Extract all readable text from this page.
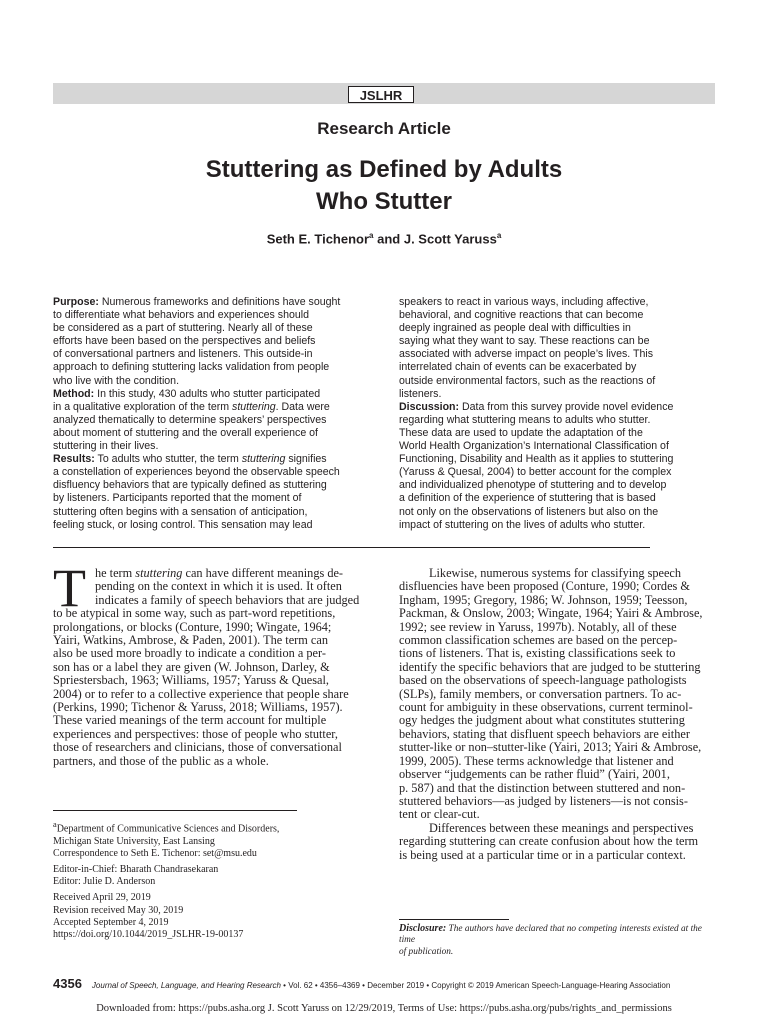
JSLHR
Research Article
Stuttering as Defined by Adults
Who Stutter
Seth E. Tichenor$^a$ and J. Scott Yaruss$^a$
Purpose: Numerous frameworks and definitions have sought
to differentiate what behaviors and experiences should
be considered as a part of stuttering. Nearly all of these
efforts have been based on the perspectives and beliefs
of conversational partners and listeners. This outside-in
approach to defining stuttering lacks validation from people
who live with the condition.
Method: In this study, 430 adults who stutter participated
in a qualitative exploration of the term stuttering. Data were
analyzed thematically to determine speakers’ perspectives
about moment of stuttering and the overall experience of
stuttering in their lives.
Results: To adults who stutter, the term stuttering signifies
a constellation of experiences beyond the observable speech
disfluency behaviors that are typically defined as stuttering
by listeners. Participants reported that the moment of
stuttering often begins with a sensation of anticipation,
feeling stuck, or losing control. This sensation may lead
speakers to react in various ways, including affective,
behavioral, and cognitive reactions that can become
deeply ingrained as people deal with difficulties in
saying what they want to say. These reactions can be
associated with adverse impact on people’s lives. This
interrelated chain of events can be exacerbated by
outside environmental factors, such as the reactions of
listeners.
Discussion: Data from this survey provide novel evidence
regarding what stuttering means to adults who stutter.
These data are used to update the adaptation of the
World Health Organization’s International Classification of
Functioning, Disability and Health as it applies to stuttering
(Yaruss & Quesal, 2004) to better account for the complex
and individualized phenotype of stuttering and to develop
a definition of the experience of stuttering that is based
not only on the observations of listeners but also on the
impact of stuttering on the lives of adults who stutter.
T he term stuttering can have different meanings de-
pending on the context in which it is used. It often
indicates a family of speech behaviors that are judged
to be atypical in some way, such as part-word repetitions,
prolongations, or blocks (Conture, 1990; Wingate, 1964;
Yairi, Watkins, Ambrose, & Paden, 2001). The term can
also be used more broadly to indicate a condition a per-
son has or a label they are given (W. Johnson, Darley, &
Spriestersbach, 1963; Williams, 1957; Yaruss & Quesal,
2004) or to refer to a collective experience that people share
(Perkins, 1990; Tichenor & Yaruss, 2018; Williams, 1957).
These varied meanings of the term account for multiple
experiences and perspectives: those of people who stutter,
those of researchers and clinicians, those of conversational
partners, and those of the public as a whole.
Likewise, numerous systems for classifying speech
disfluencies have been proposed (Conture, 1990; Cordes &
Ingham, 1995; Gregory, 1986; W. Johnson, 1959; Teesson,
Packman, & Onslow, 2003; Wingate, 1964; Yairi & Ambrose,
1992; see review in Yaruss, 1997b). Notably, all of these
common classification schemes are based on the percep-
tions of listeners. That is, existing classifications seek to
identify the specific behaviors that are judged to be stuttering
based on the observations of speech-language pathologists
(SLPs), family members, or conversation partners. To ac-
count for ambiguity in these observations, current terminol-
ogy hedges the judgment about what constitutes stuttering
behaviors, stating that disfluent speech behaviors are either
stutter-like or non–stutter-like (Yairi, 2013; Yairi & Ambrose,
1999, 2005). These terms acknowledge that listener and
observer “judgements can be rather fluid” (Yairi, 2001,
p. 587) and that the distinction between stuttered and non-
stuttered behaviors—as judged by listeners—is not consis-
tent or clear-cut.
Differences between these meanings and perspectives
regarding stuttering can create confusion about how the term
is being used at a particular time or in a particular context.
$^a$Department of Communicative Sciences and Disorders,
Michigan State University, East Lansing
Correspondence to Seth E. Tichenor: set@msu.edu
Editor-in-Chief: Bharath Chandrasekaran
Editor: Julie D. Anderson
Received April 29, 2019
Revision received May 30, 2019
Accepted September 4, 2019
https://doi.org/10.1044/2019_JSLHR-19-00137
Disclosure: The authors have declared that no competing interests existed at the time
of publication.
4356 Journal of Speech, Language, and Hearing Research • Vol. 62 • 4356–4369 • December 2019 • Copyright © 2019 American Speech-Language-Hearing Association
Downloaded from: https://pubs.asha.org J. Scott Yaruss on 12/29/2019, Terms of Use: https://pubs.asha.org/pubs/rights_and_permissions
